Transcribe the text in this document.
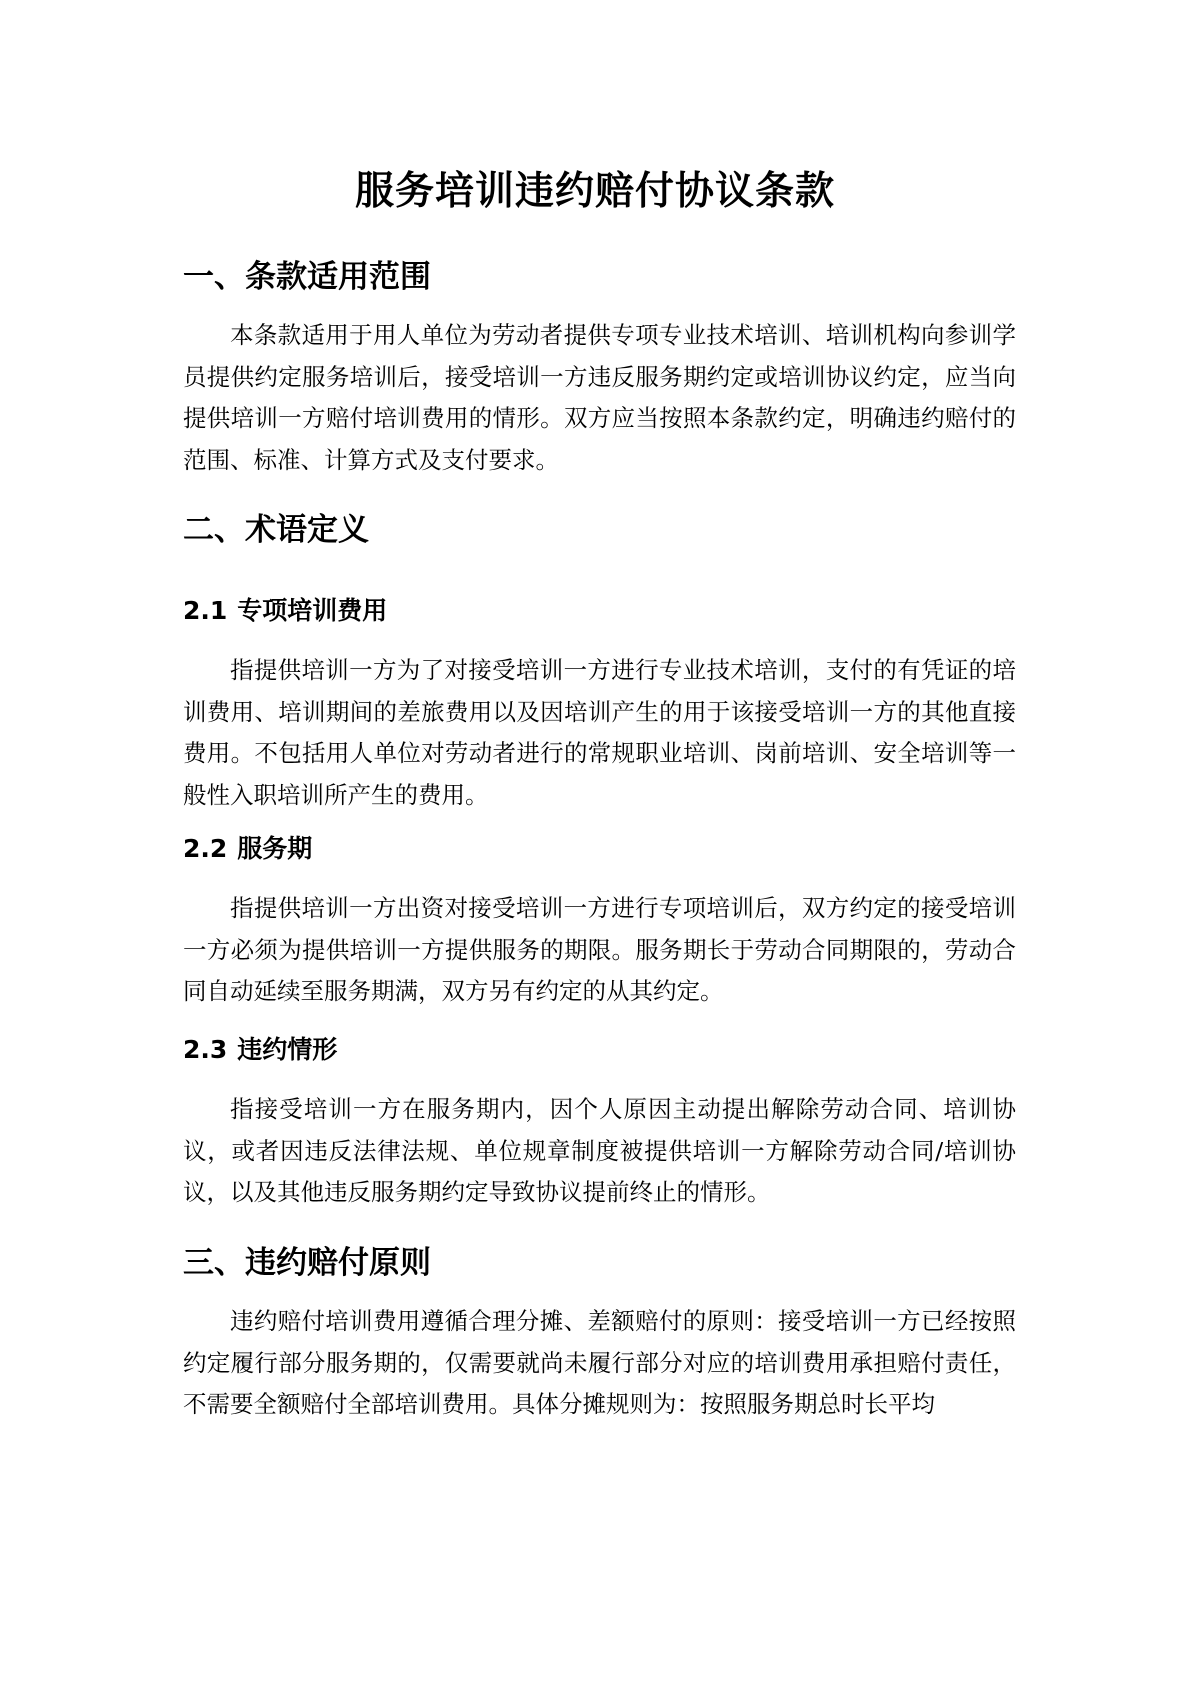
服务培训违约赔付协议条款
一、条款适用范围

本条款适用于用人单位为劳动者提供专项专业技术培训、培训机构向参训学员提供约定服务培训后，接受培训一方违反服务期约定或培训协议约定，应当向提供培训一方赔付培训费用的情形。双方应当按照本条款约定，明确违约赔付的范围、标准、计算方式及支付要求。

二、术语定义
2.1 专项培训费用

指提供培训一方为了对接受培训一方进行专业技术培训，支付的有凭证的培训费用、培训期间的差旅费用以及因培训产生的用于该接受培训一方的其他直接费用。不包括用人单位对劳动者进行的常规职业培训、岗前培训、安全培训等一般性入职培训所产生的费用。

2.2 服务期

指提供培训一方出资对接受培训一方进行专项培训后，双方约定的接受培训一方必须为提供培训一方提供服务的期限。服务期长于劳动合同期限的，劳动合同自动延续至服务期满，双方另有约定的从其约定。

2.3 违约情形

指接受培训一方在服务期内，因个人原因主动提出解除劳动合同、培训协议，或者因违反法律法规、单位规章制度被提供培训一方解除劳动合同/培训协议，以及其他违反服务期约定导致协议提前终止的情形。

三、违约赔付原则

违约赔付培训费用遵循合理分摊、差额赔付的原则：接受培训一方已经按照约定履行部分服务期的，仅需要就尚未履行部分对应的培训费用承担赔付责任，不需要全额赔付全部培训费用。具体分摊规则为：按照服务期总时长平均
